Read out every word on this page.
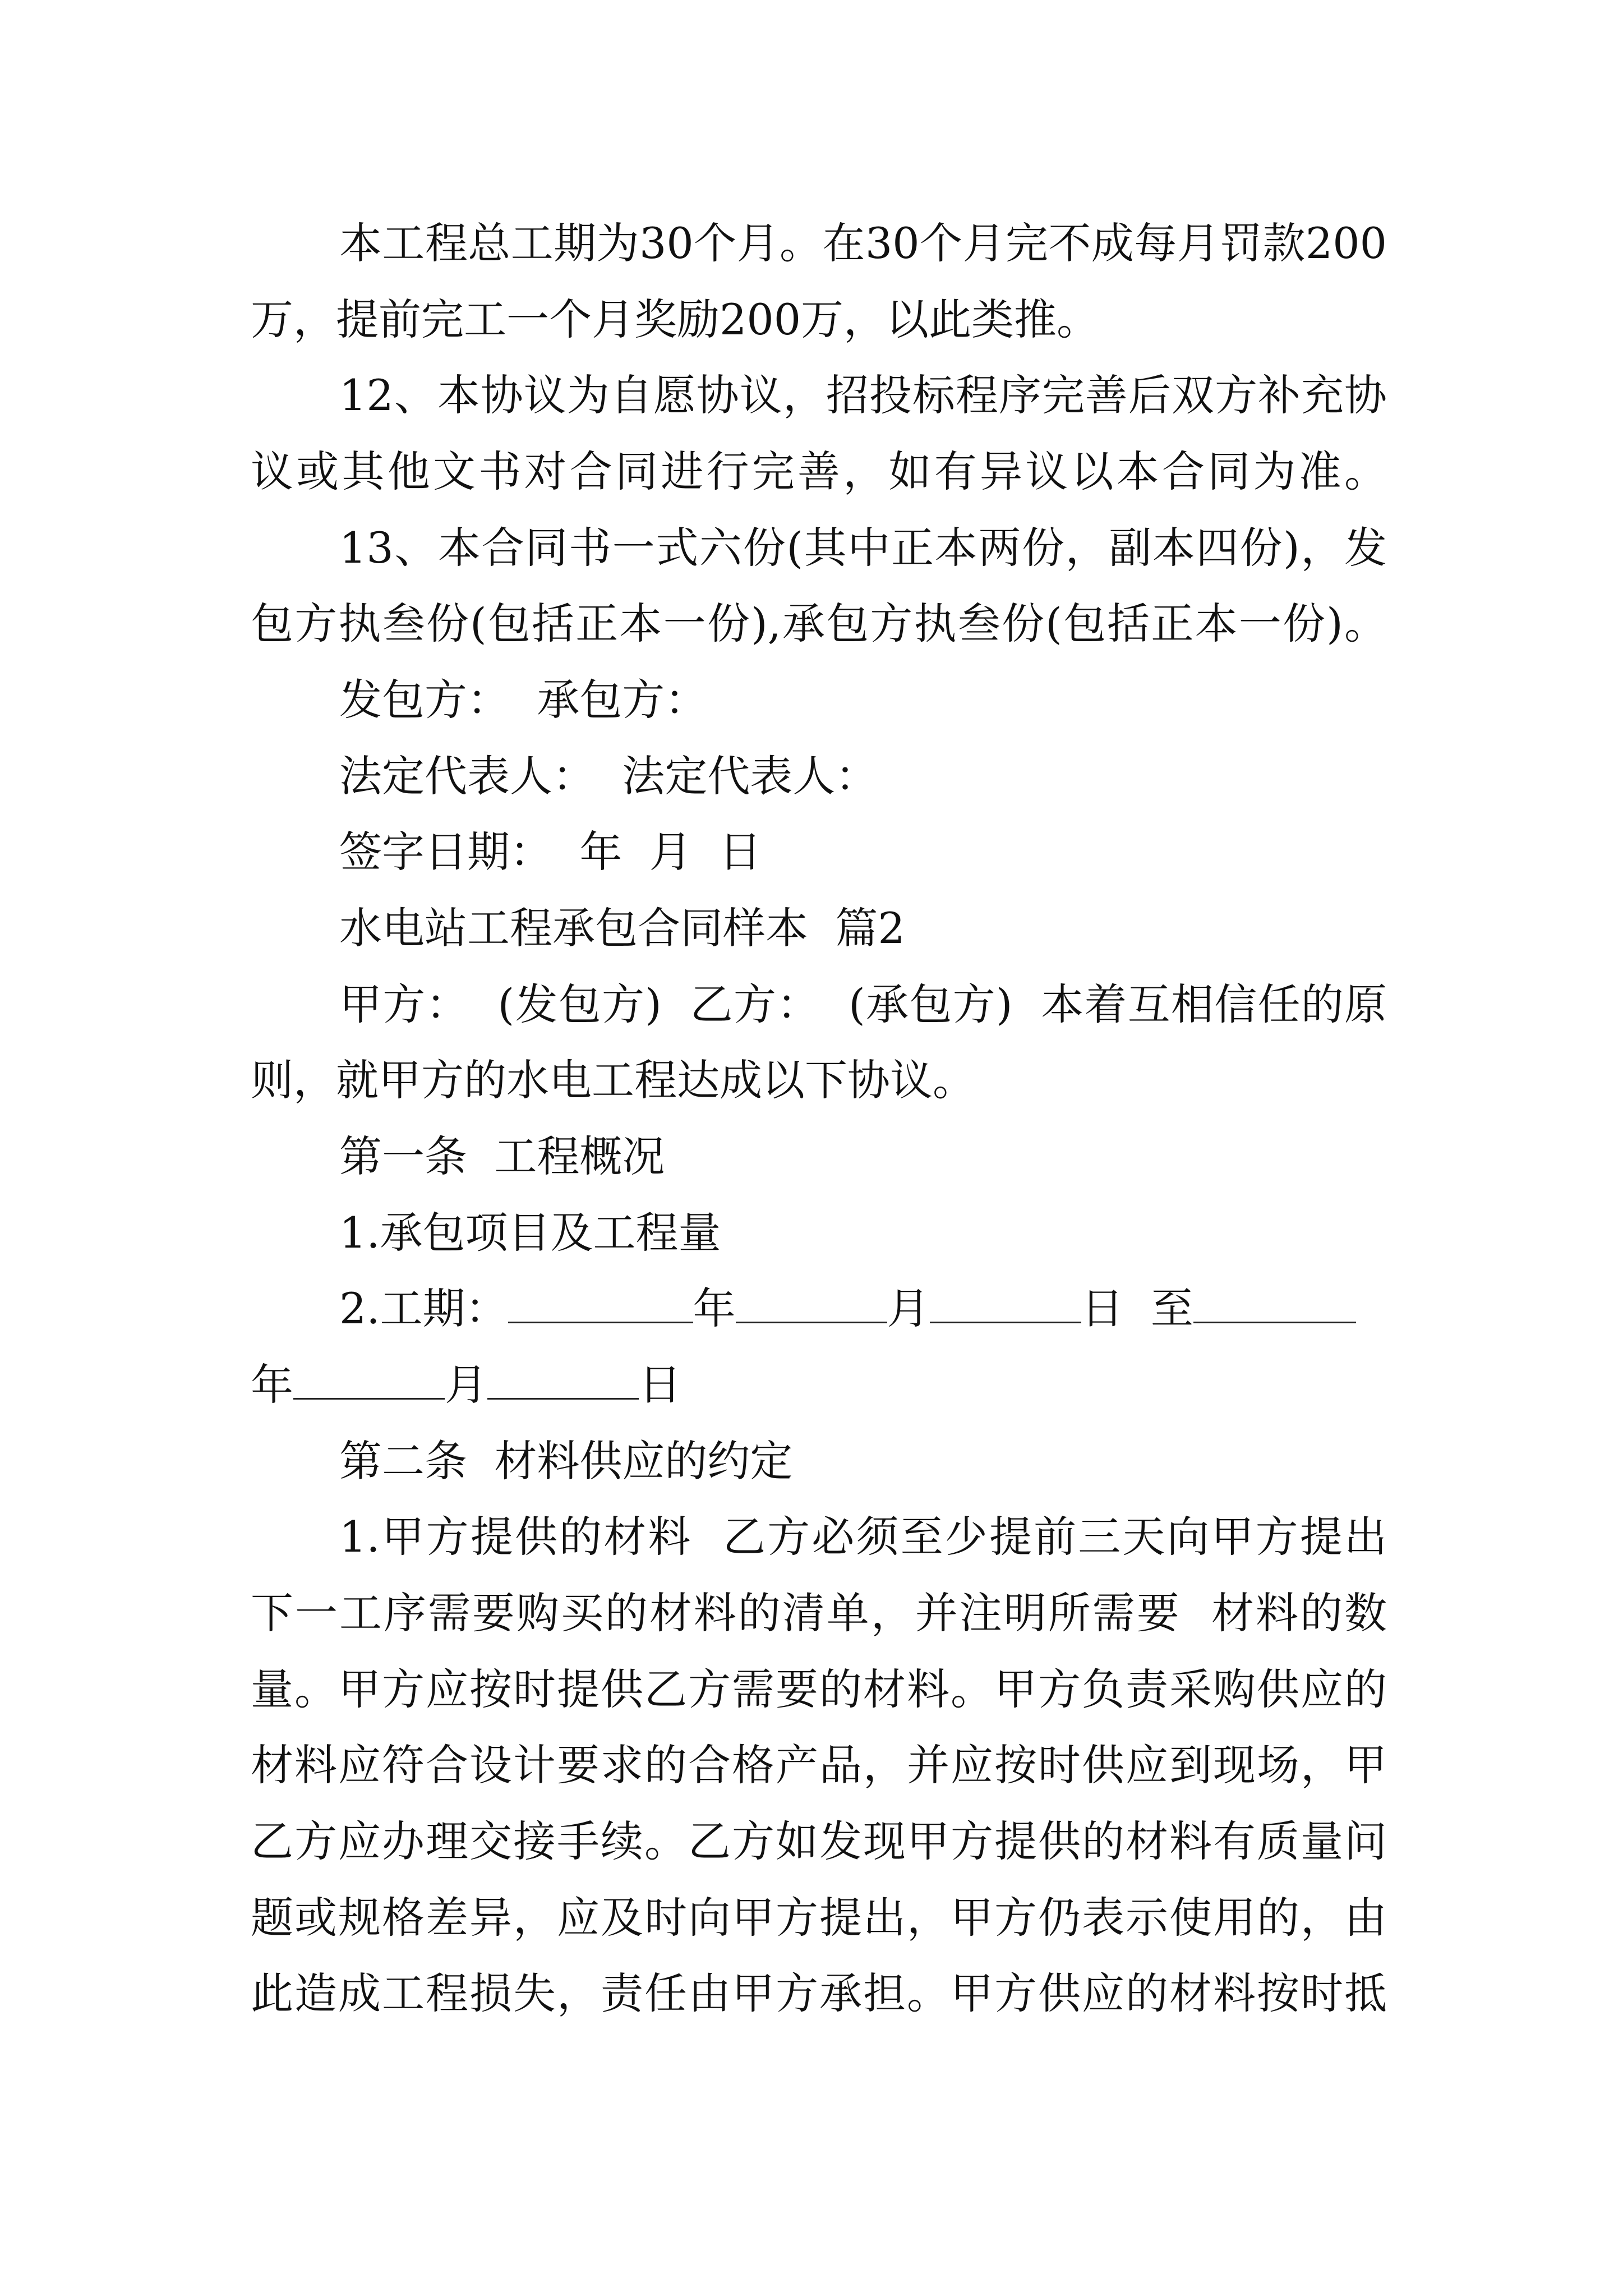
本工程总工期为30个月。在30个月完不成每月罚款200
万，提前完工一个月奖励200万，以此类推。
12、本协议为自愿协议，招投标程序完善后双方补充协
议或其他文书对合同进行完善，如有异议以本合同为准。
13、本合同书一式六份(其中正本两份，副本四份)，发
包方执叁份(包括正本一份),承包方执叁份(包括正本一份)。
发包方：  承包方：
法定代表人：  法定代表人：
签字日期：  年  月  日
水电站工程承包合同样本  篇2
甲方：  (发包方)  乙方：  (承包方)  本着互相信任的原
则，就甲方的水电工程达成以下协议。
第一条  工程概况
1.承包项目及工程量
2.工期：	年	月	日 至
年	月	日
第二条  材料供应的约定
1.甲方提供的材料  乙方必须至少提前三天向甲方提出
下一工序需要购买的材料的清单，并注明所需要  材料的数
量。甲方应按时提供乙方需要的材料。甲方负责采购供应的
材料应符合设计要求的合格产品，并应按时供应到现场，甲
乙方应办理交接手续。乙方如发现甲方提供的材料有质量问
题或规格差异，应及时向甲方提出，甲方仍表示使用的，由
此造成工程损失，责任由甲方承担。甲方供应的材料按时抵
